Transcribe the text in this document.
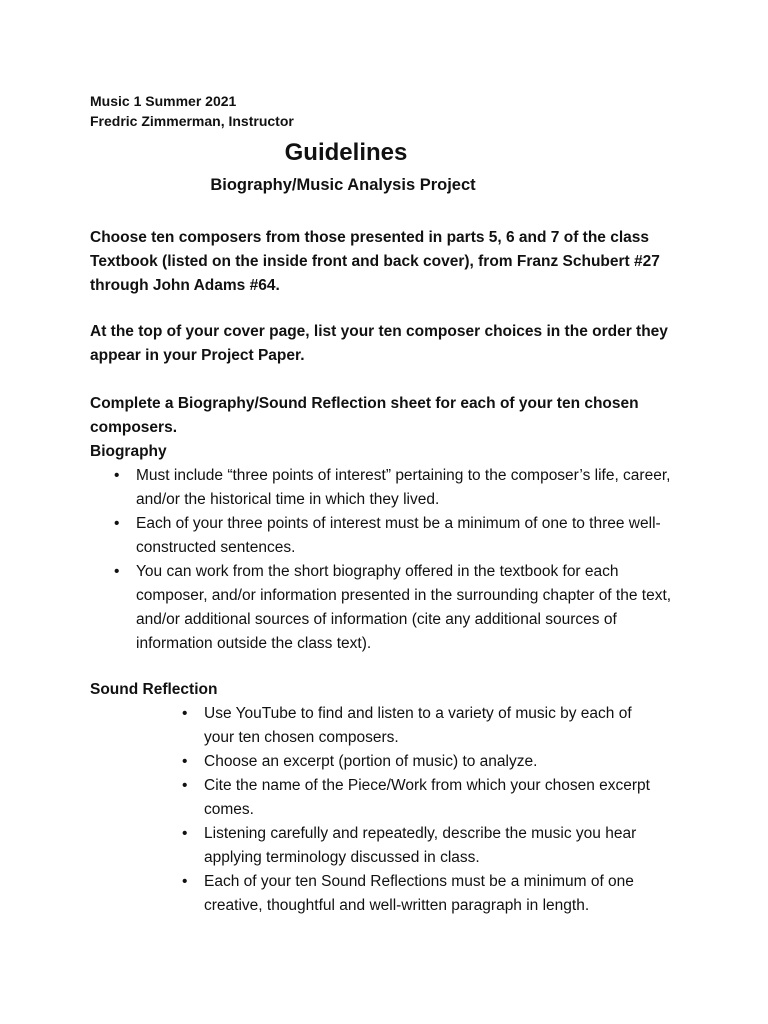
Music 1 Summer 2021
Fredric Zimmerman, Instructor
Guidelines
Biography/Music Analysis Project
Choose ten composers from those presented in parts 5, 6 and 7 of the class Textbook (listed on the inside front and back cover), from Franz Schubert #27 through John Adams #64.
At the top of your cover page, list your ten composer choices in the order they appear in your Project Paper.
Complete a Biography/Sound Reflection sheet for each of your ten chosen composers.
Biography
• Must include “three points of interest” pertaining to the composer’s life, career, and/or the historical time in which they lived.
• Each of your three points of interest must be a minimum of one to three well-constructed sentences.
• You can work from the short biography offered in the textbook for each composer, and/or information presented in the surrounding chapter of the text, and/or additional sources of information (cite any additional sources of information outside the class text).
Sound Reflection
• Use YouTube to find and listen to a variety of music by each of your ten chosen composers.
• Choose an excerpt (portion of music) to analyze.
• Cite the name of the Piece/Work from which your chosen excerpt comes.
• Listening carefully and repeatedly, describe the music you hear applying terminology discussed in class.
• Each of your ten Sound Reflections must be a minimum of one creative, thoughtful and well-written paragraph in length.
